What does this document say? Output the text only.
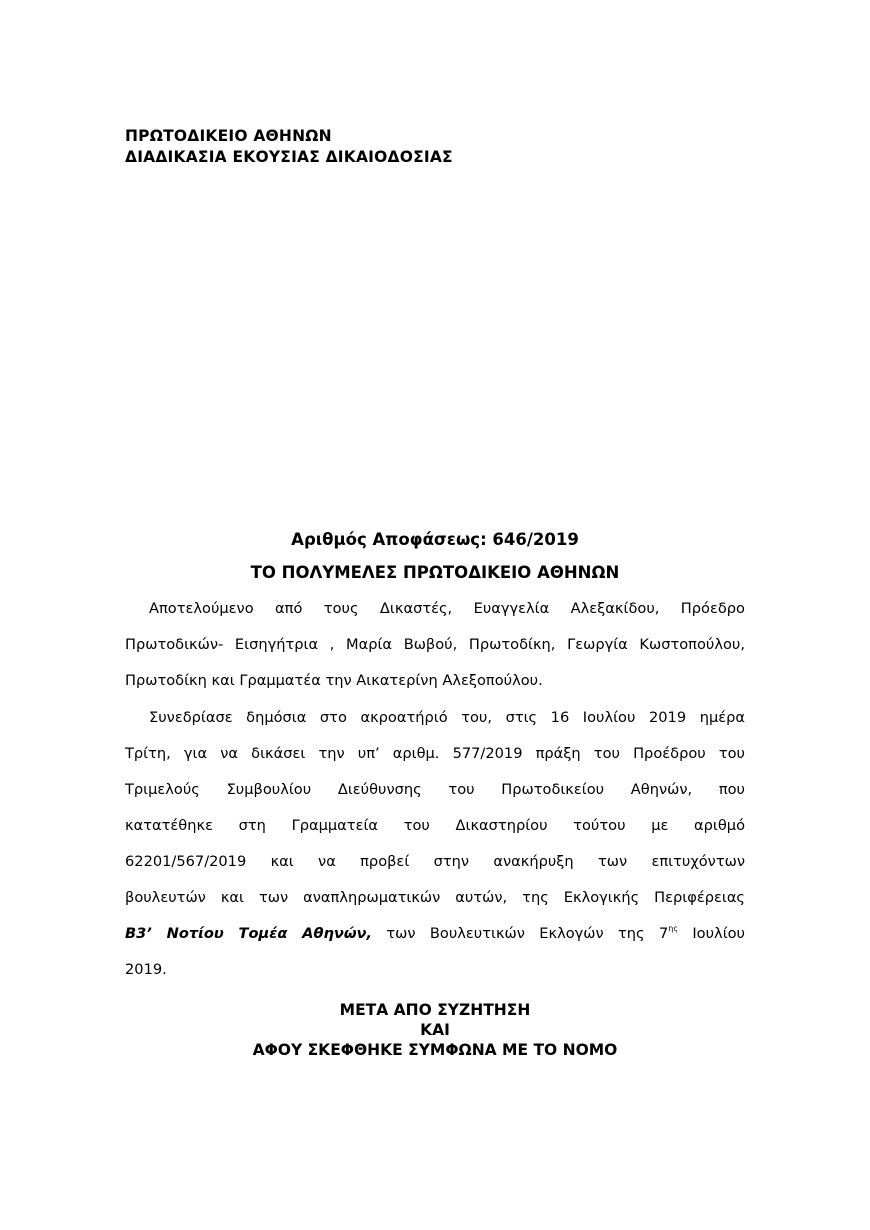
ΠΡΩΤΟΔΙΚΕΙΟ ΑΘΗΝΩΝ
ΔΙΑΔΙΚΑΣΙΑ ΕΚΟΥΣΙΑΣ ΔΙΚΑΙΟΔΟΣΙΑΣ
Αριθμός Αποφάσεως: 646/2019
ΤΟ ΠΟΛΥΜΕΛΕΣ ΠΡΩΤΟΔΙΚΕΙΟ ΑΘΗΝΩΝ
Αποτελούμενο από τους Δικαστές, Ευαγγελία Αλεξακίδου, Πρόεδρο
Πρωτοδικών- Εισηγήτρια , Μαρία Βωβού, Πρωτοδίκη, Γεωργία Κωστοπούλου,
Πρωτοδίκη και Γραμματέα την Αικατερίνη Αλεξοπούλου.
Συνεδρίασε δημόσια στο ακροατήριό του, στις 16 Ιουλίου 2019 ημέρα
Τρίτη, για να δικάσει την υπ’ αριθμ. 577/2019 πράξη του Προέδρου του
Τριμελούς Συμβουλίου Διεύθυνσης του Πρωτοδικείου Αθηνών, που
κατατέθηκε στη Γραμματεία του Δικαστηρίου τούτου με αριθμό
62201/567/2019 και να προβεί στην ανακήρυξη των επιτυχόντων
βουλευτών και των αναπληρωματικών αυτών, της Εκλογικής Περιφέρειας
Β3’ Νοτίου Τομέα Αθηνών, των Βουλευτικών Εκλογών της $7^{\eta\varsigma}$ Ιουλίου
2019.
ΜΕΤΑ ΑΠΟ ΣΥΖΗΤΗΣΗ
ΚΑΙ
ΑΦΟΥ ΣΚΕΦΘΗΚΕ ΣΥΜΦΩΝΑ ΜΕ ΤΟ ΝΟΜΟ
